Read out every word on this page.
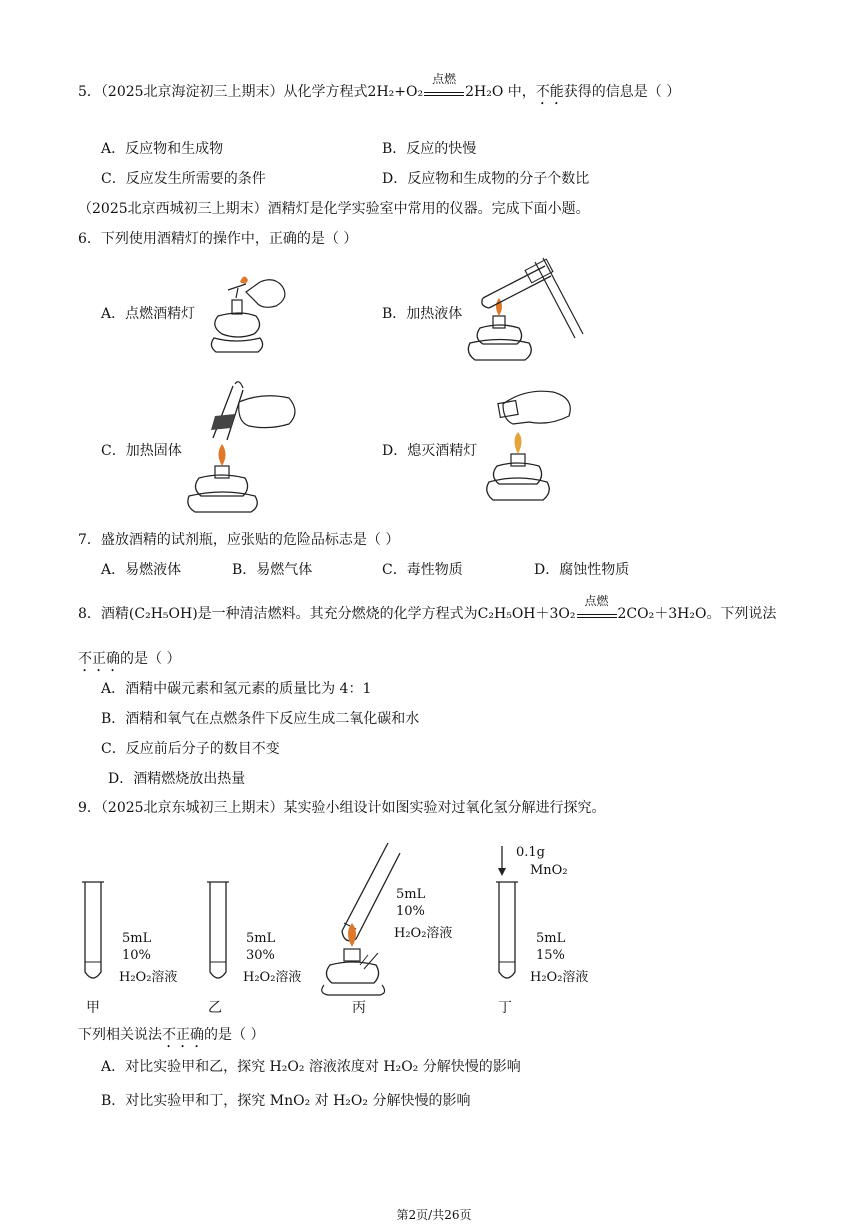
5．（2025北京海淀初三上期末）从化学方程式2H₂+O₂
点燃
2H₂O 中，不能获得的信息是（ ）
A．反应物和生成物	B．反应的快慢
C．反应发生所需要的条件	D．反应物和生成物的分子个数比
（2025北京西城初三上期末）酒精灯是化学实验室中常用的仪器。完成下面小题。
6．下列使用酒精灯的操作中，正确的是（ ）
A．点燃酒精灯	B．加热液体
C．加热固体	D．熄灭酒精灯
7．盛放酒精的试剂瓶，应张贴的危险品标志是（ ）
A．易燃液体	B．易燃气体	C．毒性物质	D．腐蚀性物质
8．酒精(C₂H₅OH)是一种清洁燃料。其充分燃烧的化学方程式为C₂H₅OH＋3O₂
点燃
2CO₂＋3H₂O。下列说法
不正确的是（ ）
A．酒精中碳元素和氢元素的质量比为 4：1
B．酒精和氧气在点燃条件下反应生成二氧化碳和水
C．反应前后分子的数目不变
D．酒精燃烧放出热量
9．（2025北京东城初三上期末）某实验小组设计如图实验对过氧化氢分解进行探究。
5mL
10%
H₂O₂溶液
甲
5mL
30%
H₂O₂溶液
乙
5mL
10%
H₂O₂溶液
丙
0.1g
MnO₂
5mL
15%
H₂O₂溶液
丁
下列相关说法不正确的是（ ）
A．对比实验甲和乙，探究 H₂O₂ 溶液浓度对 H₂O₂ 分解快慢的影响
B．对比实验甲和丁，探究 MnO₂ 对 H₂O₂ 分解快慢的影响
第2页/共26页
